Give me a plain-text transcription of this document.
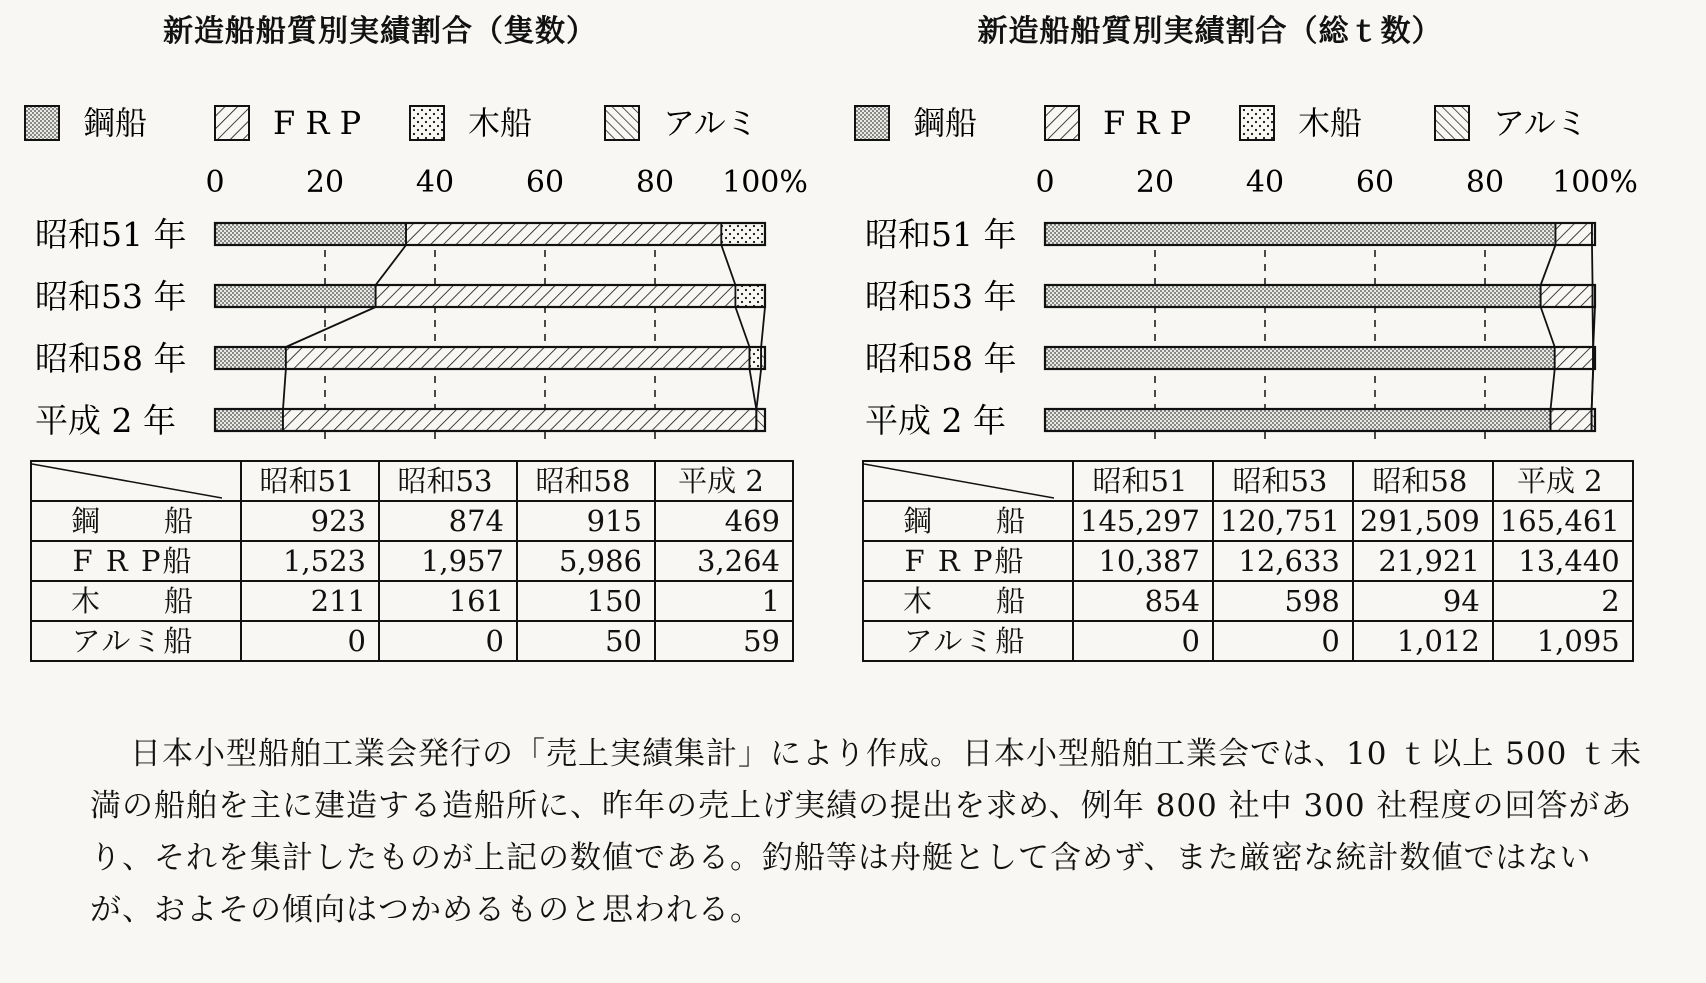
新造船船質別実績割合（隻数）
鋼船	F R P	木船	アルミ
0	20 40 60 80 100%
昭和51 年
昭和53 年
昭和58 年
平成 2 年
	昭和51	昭和53	昭和58	平成 2
鋼　　船	923	874	915	469
F R P船	1,523	1,957	5,986	3,264
木　　船	211	161	150	1
アルミ船	0	0	50	59
新造船船質別実績割合（総ｔ数）
鋼船	F R P	木船	アルミ
0	20 40 60 80 100%
昭和51 年
昭和53 年
昭和58 年
平成 2 年
	昭和51	昭和53	昭和58	平成 2
鋼　　船	145,297	120,751	291,509	165,461
F R P船	10,387	12,633	21,921	13,440
木　　船	854	598	94	2
アルミ船	0	0	1,012	1,095

日本小型船舶工業会発行の「売上実績集計」により作成。日本小型船舶工業会では、10 ｔ以上 500 ｔ未満の船舶を主に建造する造船所に、昨年の売上げ実績の提出を求め、例年 800 社中 300 社程度の回答があり、それを集計したものが上記の数値である。釣船等は舟艇として含めず、また厳密な統計数値ではないが、およその傾向はつかめるものと思われる。
